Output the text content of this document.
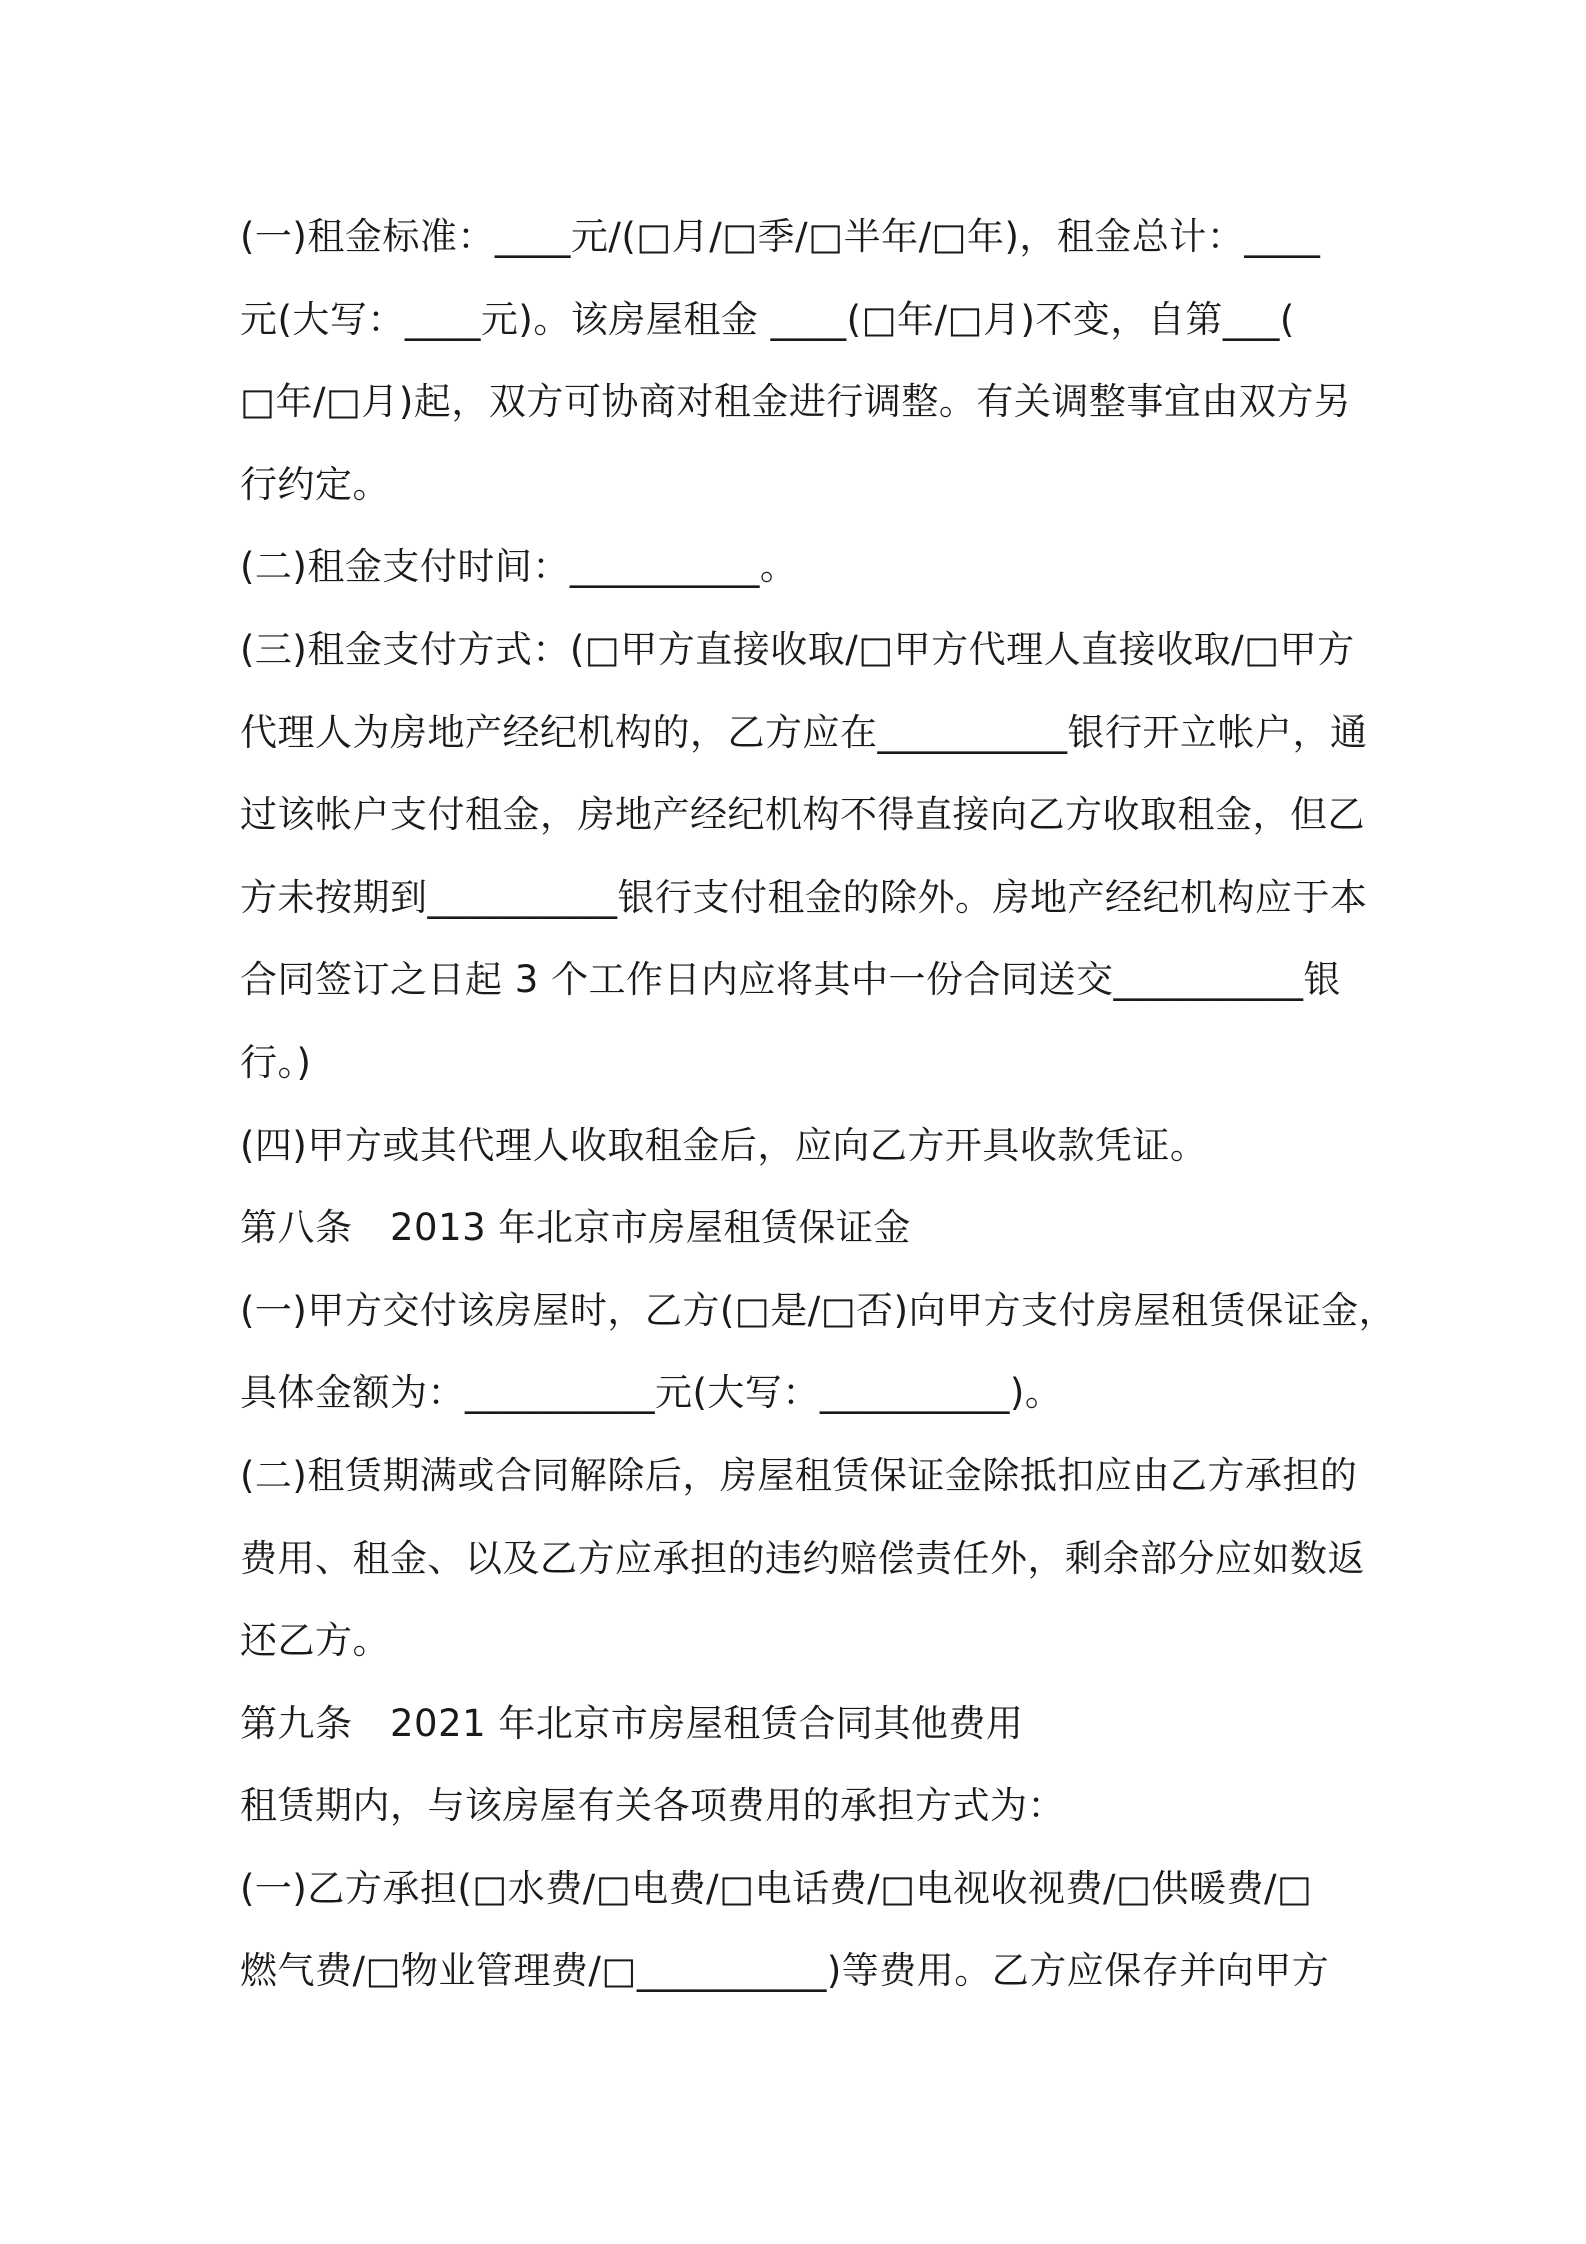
(一)租金标准：____元/(□月/□季/□半年/□年)，租金总计：____
元(大写：____元)。该房屋租金 ____(□年/□月)不变，自第___(
□年/□月)起，双方可协商对租金进行调整。有关调整事宜由双方另
行约定。
(二)租金支付时间：__________。
(三)租金支付方式：(□甲方直接收取/□甲方代理人直接收取/□甲方
代理人为房地产经纪机构的，乙方应在__________银行开立帐户，通
过该帐户支付租金，房地产经纪机构不得直接向乙方收取租金，但乙
方未按期到__________银行支付租金的除外。房地产经纪机构应于本
合同签订之日起 3 个工作日内应将其中一份合同送交__________银
行。)
(四)甲方或其代理人收取租金后，应向乙方开具收款凭证。
第八条　2013 年北京市房屋租赁保证金
(一)甲方交付该房屋时，乙方(□是/□否)向甲方支付房屋租赁保证金，
具体金额为：__________元(大写：__________)。
(二)租赁期满或合同解除后，房屋租赁保证金除抵扣应由乙方承担的
费用、租金、以及乙方应承担的违约赔偿责任外，剩余部分应如数返
还乙方。
第九条　2021 年北京市房屋租赁合同其他费用
租赁期内，与该房屋有关各项费用的承担方式为：
(一)乙方承担(□水费/□电费/□电话费/□电视收视费/□供暖费/□
燃气费/□物业管理费/□__________)等费用。乙方应保存并向甲方
